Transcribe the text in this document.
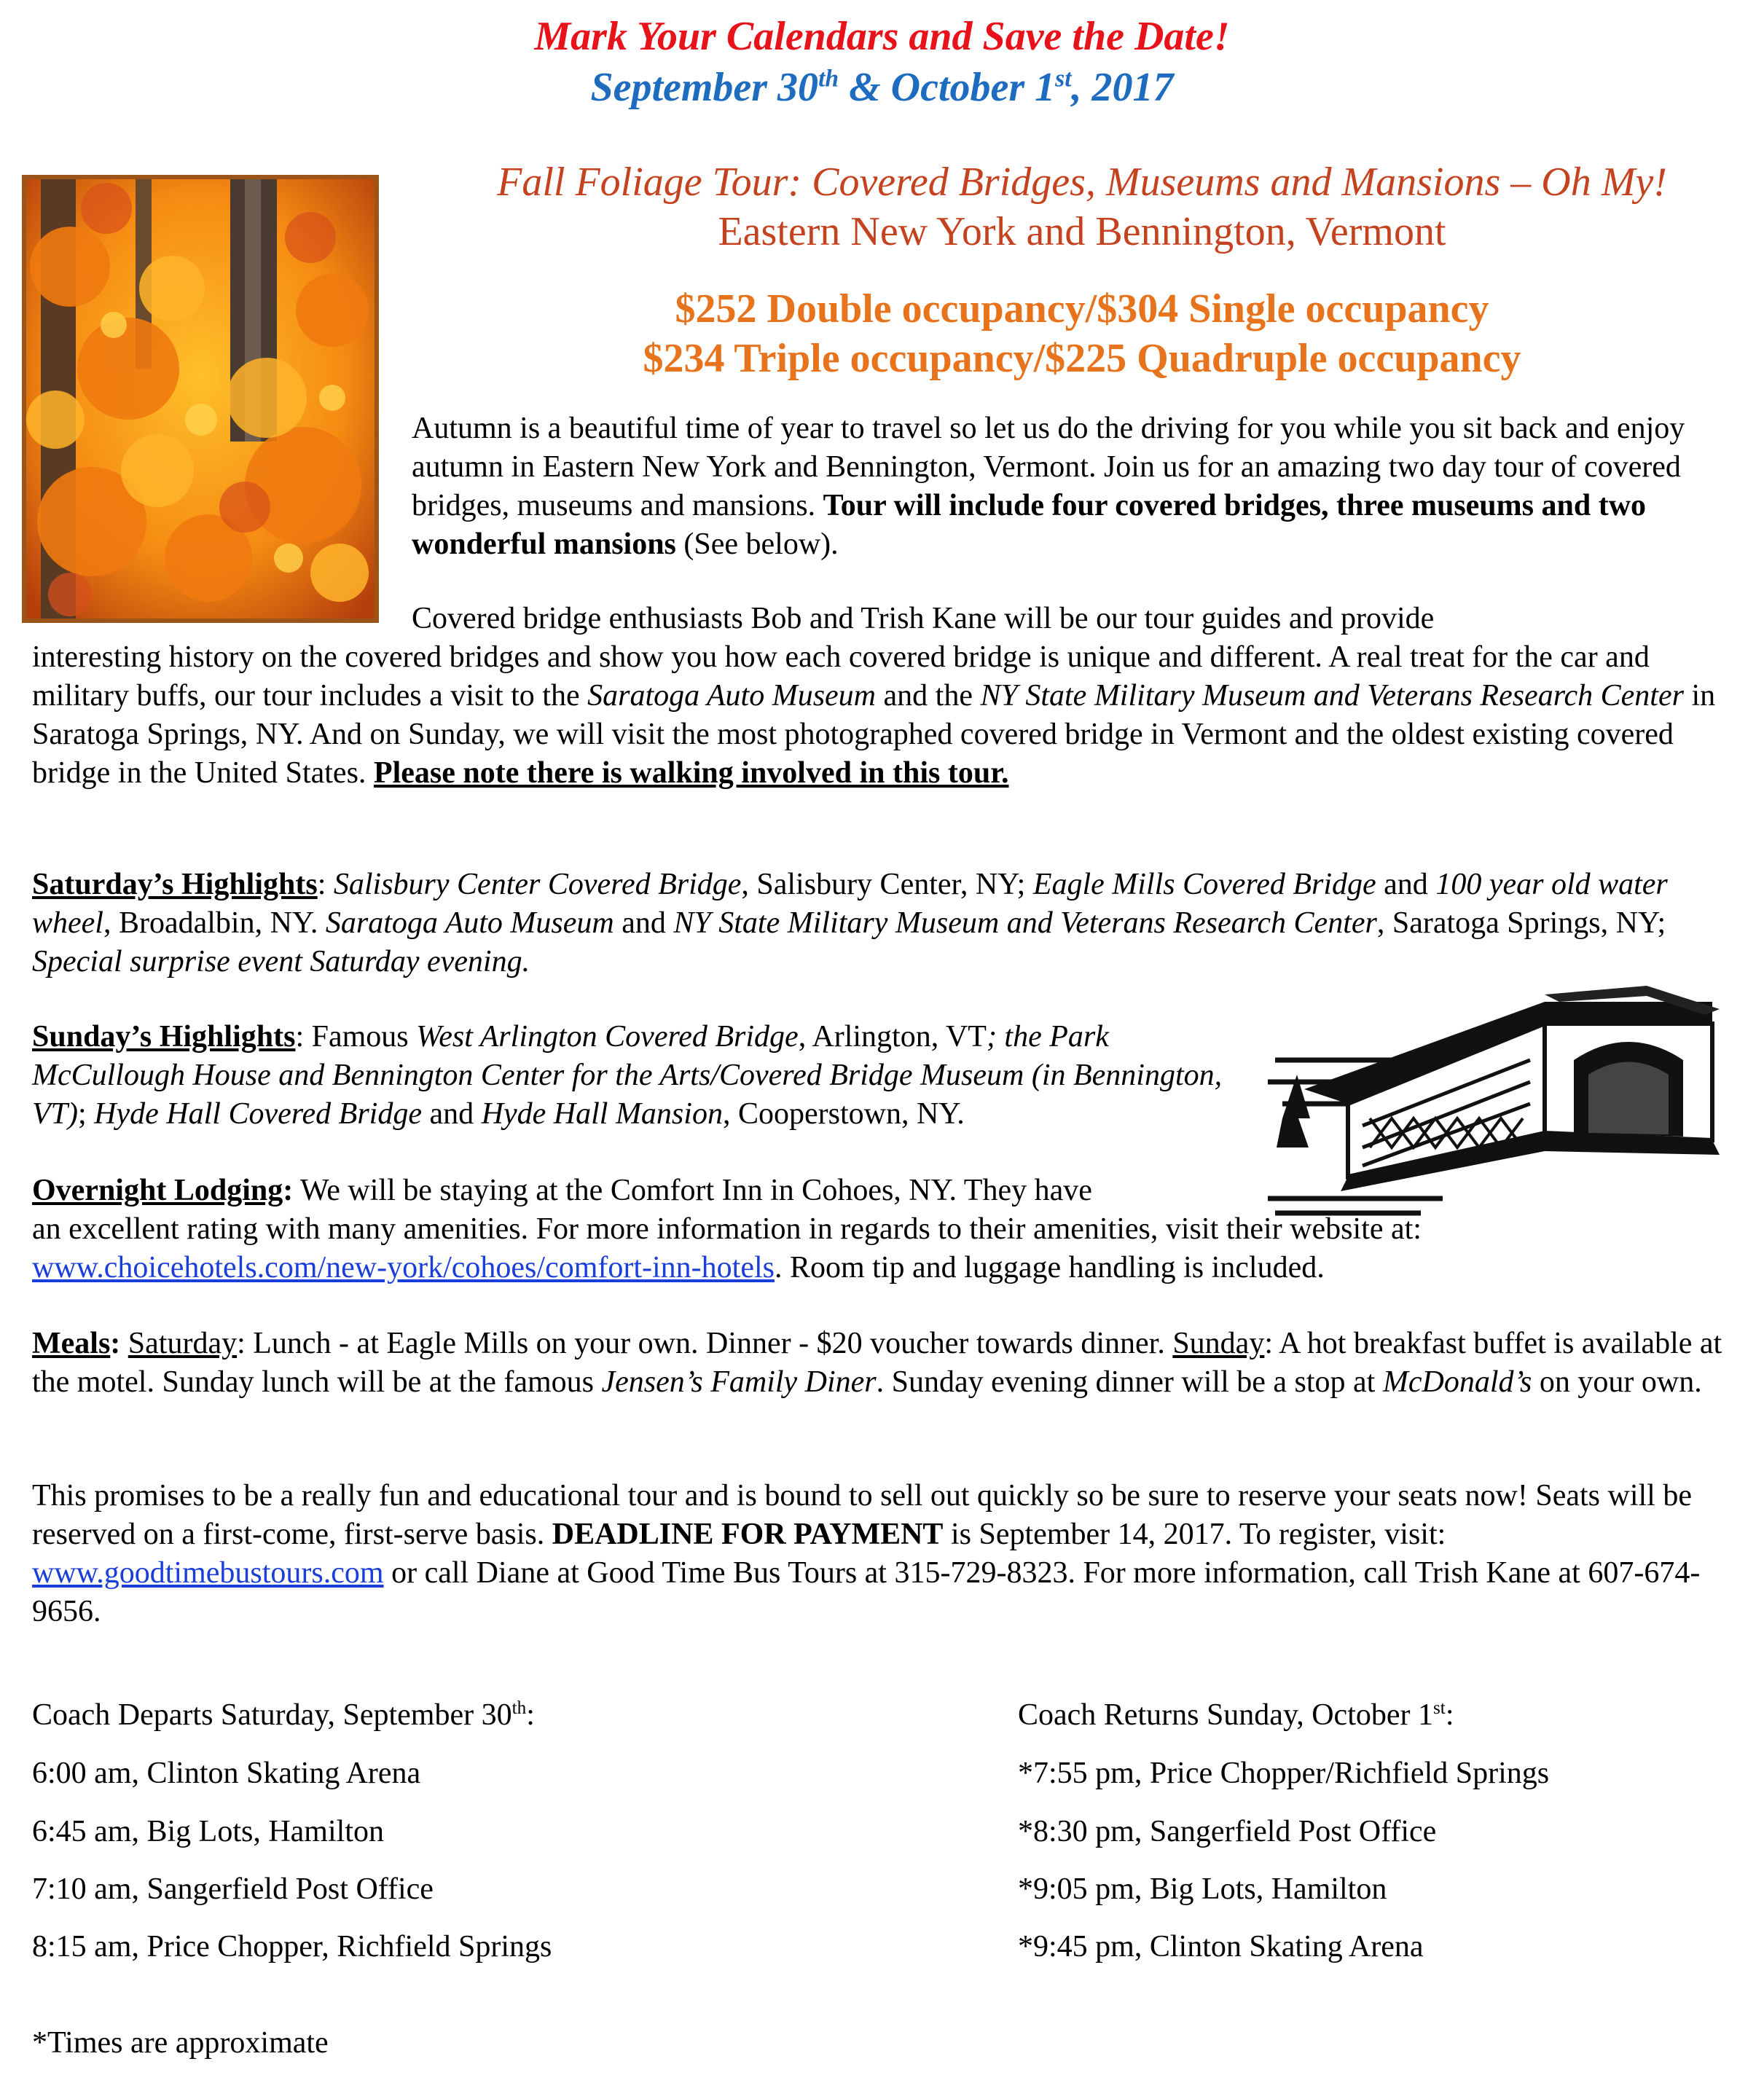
Mark Your Calendars and Save the Date!
September 30th & October 1st, 2017
Fall Foliage Tour: Covered Bridges, Museums and Mansions – Oh My!
Eastern New York and Bennington, Vermont
$252 Double occupancy/$304 Single occupancy
$234 Triple occupancy/$225 Quadruple occupancy
Autumn is a beautiful time of year to travel so let us do the driving for you while you sit back and enjoy autumn in Eastern New York and Bennington, Vermont. Join us for an amazing two day tour of covered bridges, museums and mansions. Tour will include four covered bridges, three museums and two wonderful mansions (See below).
Covered bridge enthusiasts Bob and Trish Kane will be our tour guides and provide
interesting history on the covered bridges and show you how each covered bridge is unique and different. A real treat for the car and military buffs, our tour includes a visit to the Saratoga Auto Museum and the NY State Military Museum and Veterans Research Center in Saratoga Springs, NY. And on Sunday, we will visit the most photographed covered bridge in Vermont and the oldest existing covered bridge in the United States. Please note there is walking involved in this tour.
Saturday’s Highlights: Salisbury Center Covered Bridge, Salisbury Center, NY; Eagle Mills Covered Bridge and 100 year old water wheel, Broadalbin, NY. Saratoga Auto Museum and NY State Military Museum and Veterans Research Center, Saratoga Springs, NY; Special surprise event Saturday evening.
Sunday’s Highlights: Famous West Arlington Covered Bridge, Arlington, VT; the Park McCullough House and Bennington Center for the Arts/Covered Bridge Museum (in Bennington, VT); Hyde Hall Covered Bridge and Hyde Hall Mansion, Cooperstown, NY.
Overnight Lodging: We will be staying at the Comfort Inn in Cohoes, NY. They have
an excellent rating with many amenities. For more information in regards to their amenities, visit their website at:
www.choicehotels.com/new-york/cohoes/comfort-inn-hotels. Room tip and luggage handling is included.
Meals: Saturday: Lunch - at Eagle Mills on your own. Dinner - $20 voucher towards dinner. Sunday: A hot breakfast buffet is available at the motel. Sunday lunch will be at the famous Jensen’s Family Diner. Sunday evening dinner will be a stop at McDonald’s on your own.
This promises to be a really fun and educational tour and is bound to sell out quickly so be sure to reserve your seats now! Seats will be reserved on a first-come, first-serve basis. DEADLINE FOR PAYMENT is September 14, 2017. To register, visit: www.goodtimebustours.com or call Diane at Good Time Bus Tours at 315-729-8323. For more information, call Trish Kane at 607-674-9656.
Coach Departs Saturday, September 30th:
6:00 am, Clinton Skating Arena
6:45 am, Big Lots, Hamilton
7:10 am, Sangerfield Post Office
8:15 am, Price Chopper, Richfield Springs
Coach Returns Sunday, October 1st:
*7:55 pm, Price Chopper/Richfield Springs
*8:30 pm, Sangerfield Post Office
*9:05 pm, Big Lots, Hamilton
*9:45 pm, Clinton Skating Arena
*Times are approximate
